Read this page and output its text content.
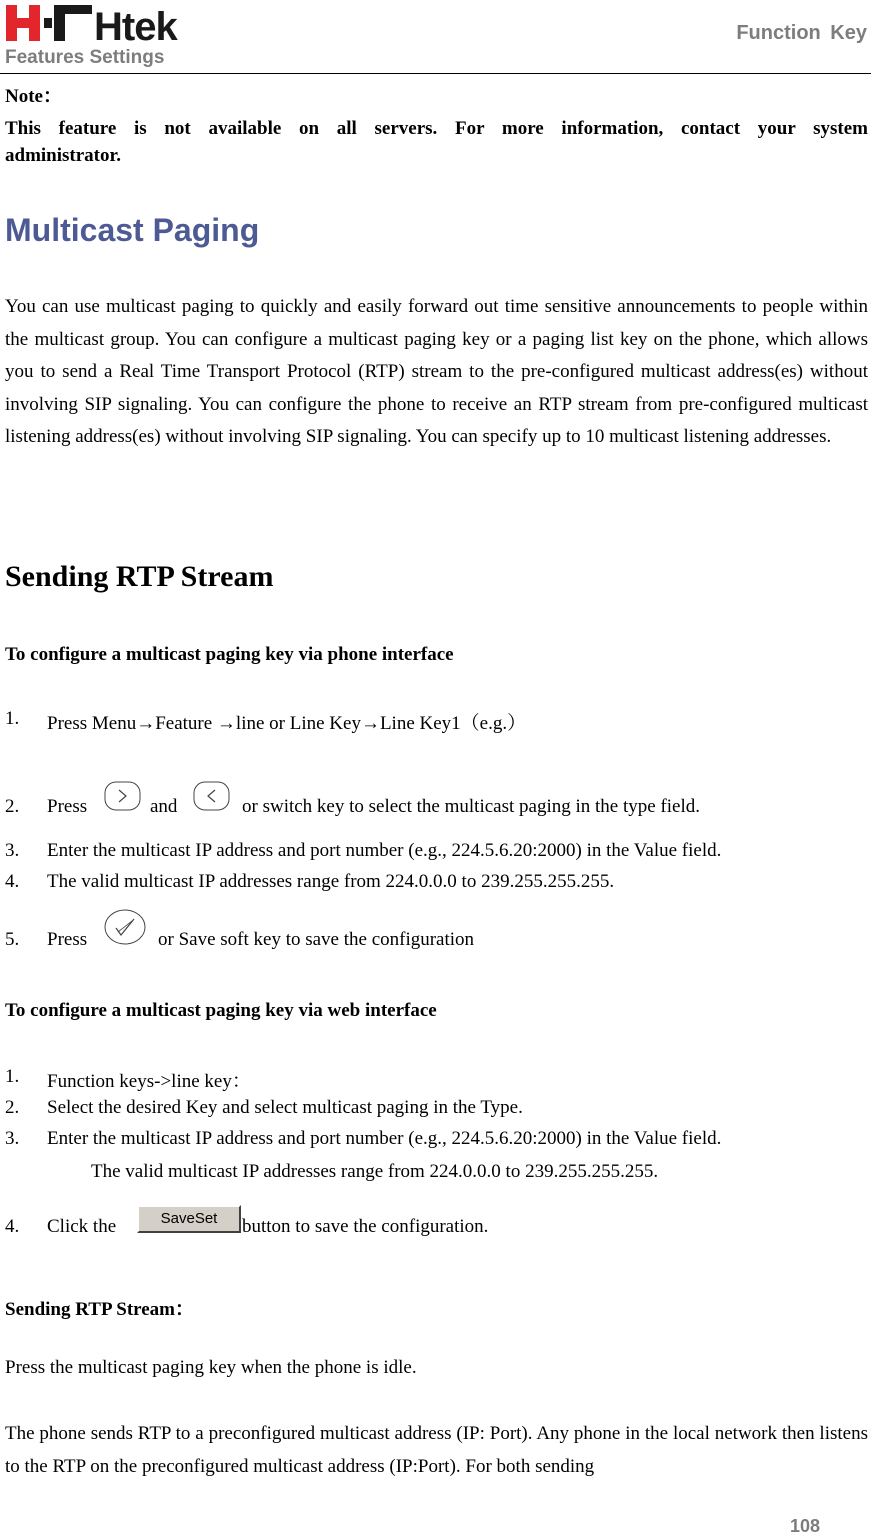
Htek
Features Settings
Function Key
Note：
This feature is not available on all servers. For more information, contact your system
administrator.
Multicast Paging
You can use multicast paging to quickly and easily forward out time sensitive announcements to people within the multicast group. You can configure a multicast paging key or a paging list key on the phone, which allows you to send a Real Time Transport Protocol (RTP) stream to the pre-configured multicast address(es) without involving SIP signaling. You can configure the phone to receive an RTP stream from pre-configured multicast listening address(es) without involving SIP signaling. You can specify up to 10 multicast listening addresses.
Sending RTP Stream
To configure a multicast paging key via phone interface
1. Press Menu→Feature →line or Line Key→Line Key1（e.g.）
2. Press	and	or switch key to select the multicast paging in the type field.
3. Enter the multicast IP address and port number (e.g., 224.5.6.20:2000) in the Value field.
4. The valid multicast IP addresses range from 224.0.0.0 to 239.255.255.255.
5. Press	or Save soft key to save the configuration
To configure a multicast paging key via web interface
1. Function keys->line key：
2. Select the desired Key and select multicast paging in the Type.
3. Enter the multicast IP address and port number (e.g., 224.5.6.20:2000) in the Value field.
The valid multicast IP addresses range from 224.0.0.0 to 239.255.255.255.
4. Click the	SaveSet	button to save the configuration.
Sending RTP Stream：
Press the multicast paging key when the phone is idle.
The phone sends RTP to a preconfigured multicast address (IP: Port). Any phone in the local network then listens to the RTP on the preconfigured multicast address (IP:Port). For both sending
108
